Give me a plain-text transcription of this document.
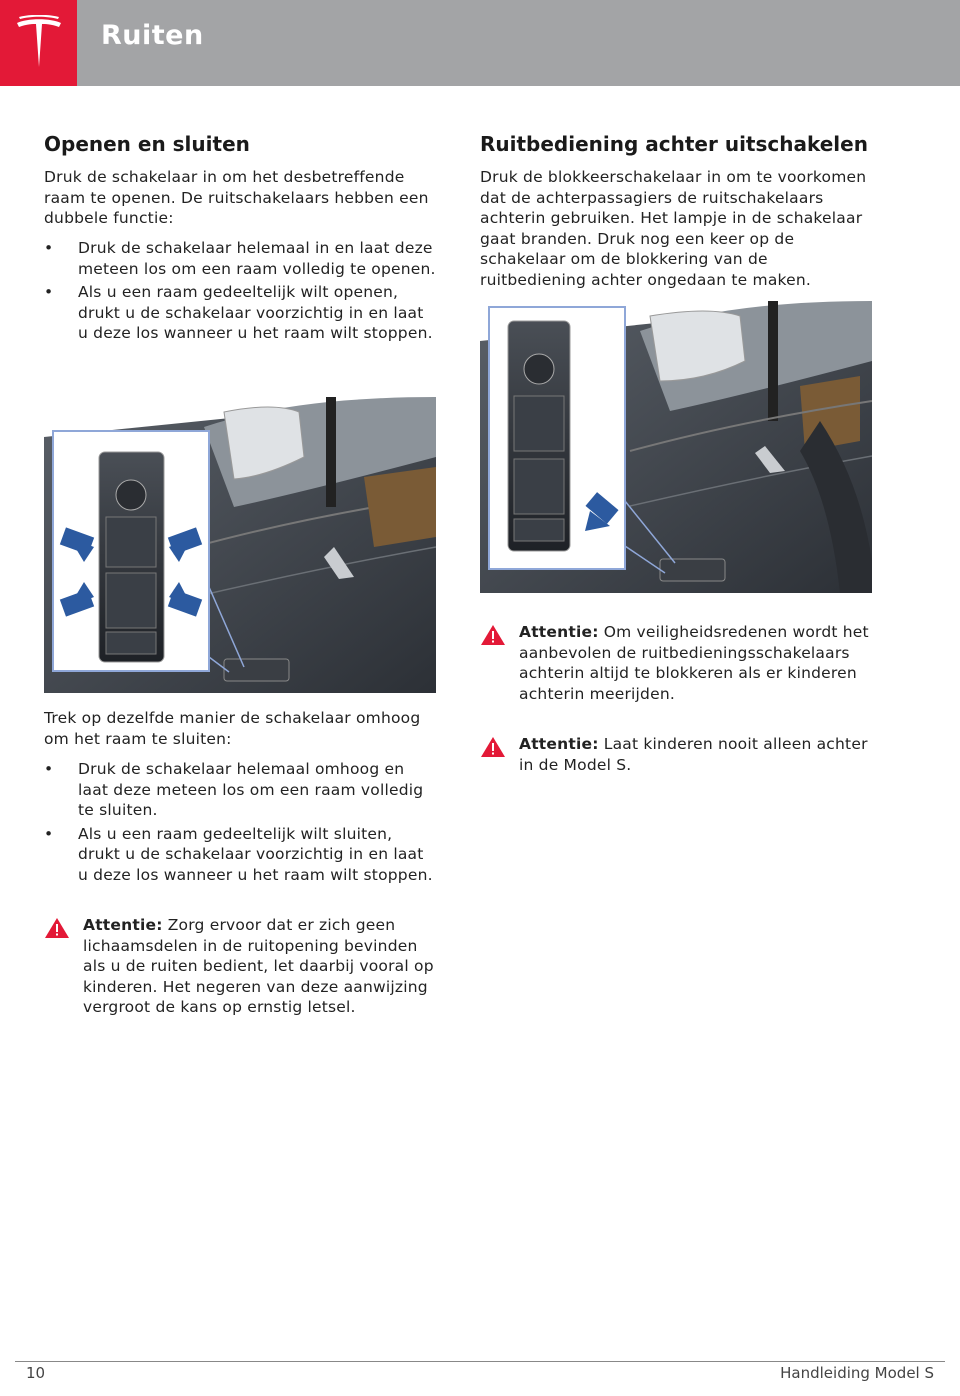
Ruiten
Openen en sluiten

Druk de schakelaar in om het desbetreffende raam te openen. De ruitschakelaars hebben een dubbele functie:

• Druk de schakelaar helemaal in en laat deze meteen los om een raam volledig te openen.
• Als u een raam gedeeltelijk wilt openen, drukt u de schakelaar voorzichtig in en laat u deze los wanneer u het raam wilt stoppen.

Trek op dezelfde manier de schakelaar omhoog om het raam te sluiten:

• Druk de schakelaar helemaal omhoog en laat deze meteen los om een raam volledig te sluiten.
• Als u een raam gedeeltelijk wilt sluiten, drukt u de schakelaar voorzichtig in en laat u deze los wanneer u het raam wilt stoppen.
Attentie: Zorg ervoor dat er zich geen lichaamsdelen in de ruitopening bevinden als u de ruiten bedient, let daarbij vooral op kinderen. Het negeren van deze aanwijzing vergroot de kans op ernstig letsel.
Ruitbediening achter uitschakelen

Druk de blokkeerschakelaar in om te voorkomen dat de achterpassagiers de ruitschakelaars achterin gebruiken. Het lampje in de schakelaar gaat branden. Druk nog een keer op de schakelaar om de blokkering van de ruitbediening achter ongedaan te maken.

Attentie: Om veiligheidsredenen wordt het aanbevolen de ruitbedieningsschakelaars achterin altijd te blokkeren als er kinderen achterin meerijden.
Attentie: Laat kinderen nooit alleen achter in de Model S.
10	Handleiding Model S
